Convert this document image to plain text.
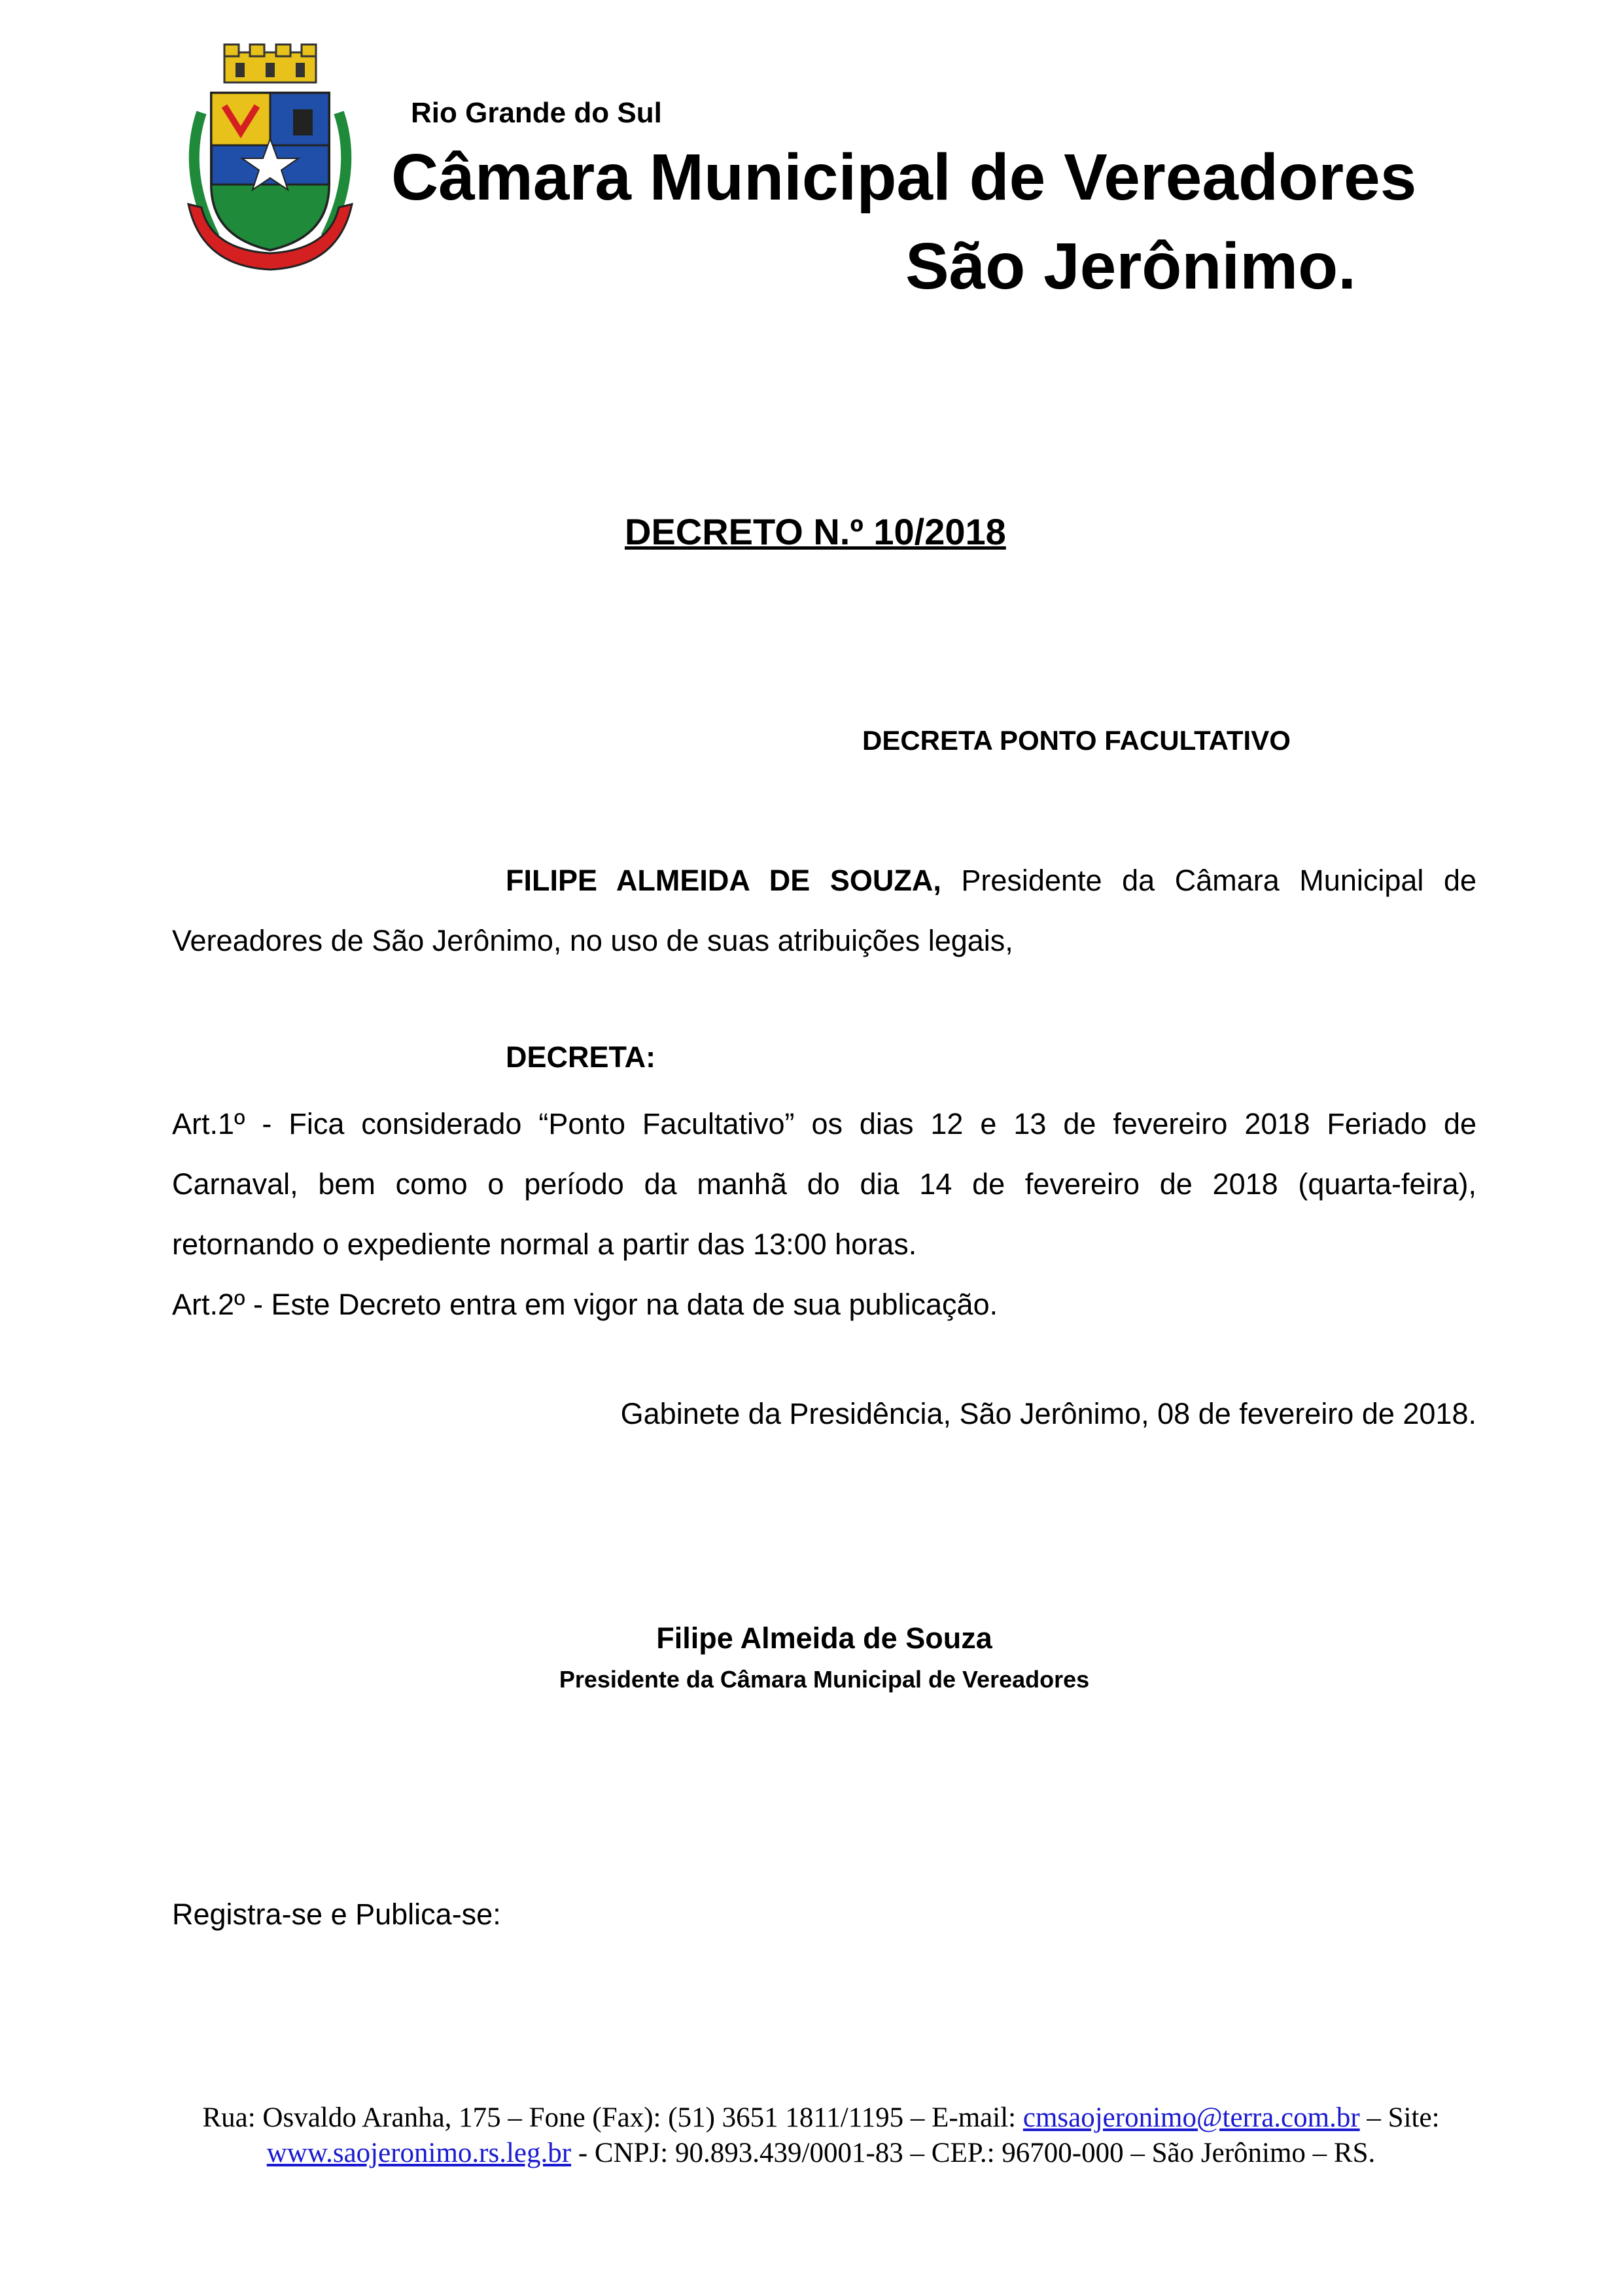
Rio Grande do Sul
Câmara Municipal de Vereadores
São Jerônimo.
DECRETO N.º 10/2018
DECRETA PONTO FACULTATIVO
FILIPE ALMEIDA DE SOUZA, Presidente da Câmara Municipal de
Vereadores de São Jerônimo, no uso de suas atribuições legais,
DECRETA:
Art.1º - Fica considerado “Ponto Facultativo” os dias 12 e 13 de fevereiro 2018 Feriado de
Carnaval, bem como o período da manhã do dia 14 de fevereiro de 2018 (quarta-feira),
retornando o expediente normal a partir das 13:00 horas.
Art.2º - Este Decreto entra em vigor na data de sua publicação.
Gabinete da Presidência, São Jerônimo, 08 de fevereiro de 2018.
Filipe Almeida de Souza
Presidente da Câmara Municipal de Vereadores
Registra-se e Publica-se:
Rua: Osvaldo Aranha, 175 – Fone (Fax): (51) 3651 1811/1195 – E-mail: cmsaojeronimo@terra.com.br – Site:
www.saojeronimo.rs.leg.br - CNPJ: 90.893.439/0001-83 – CEP.: 96700-000 – São Jerônimo – RS.
